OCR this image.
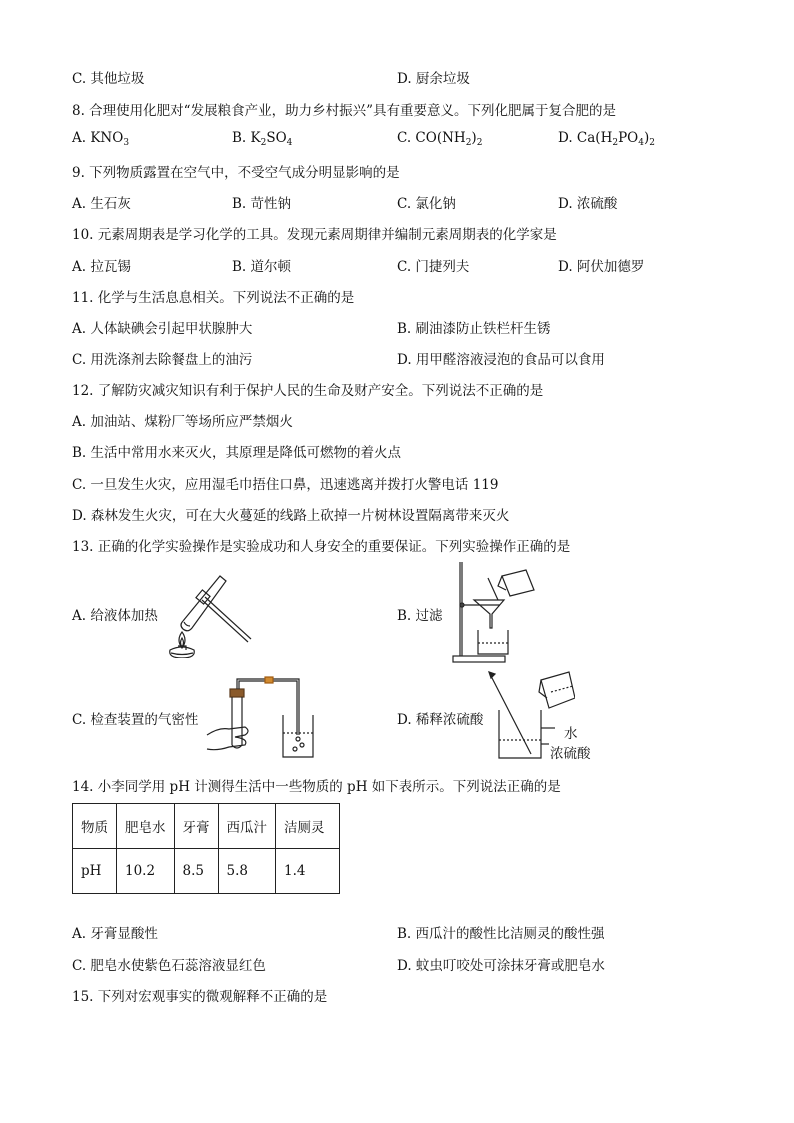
C. 其他垃圾	D. 厨余垃圾
8. 合理使用化肥对“发展粮食产业，助力乡村振兴”具有重要意义。下列化肥属于复合肥的是
A. $KNO_3$	B. $K_2SO_4$	C. $CO(NH_2)_2$	D. $Ca(H_2PO_4)_2$
9. 下列物质露置在空气中，不受空气成分明显影响的是
A. 生石灰	B. 苛性钠	C. 氯化钠	D. 浓硫酸
10. 元素周期表是学习化学的工具。发现元素周期律并编制元素周期表的化学家是
A. 拉瓦锡	B. 道尔顿	C. 门捷列夫	D. 阿伏加德罗
11. 化学与生活息息相关。下列说法不正确的是
A. 人体缺碘会引起甲状腺肿大	B. 刷油漆防止铁栏杆生锈
C. 用洗涤剂去除餐盘上的油污	D. 用甲醛溶液浸泡的食品可以食用
12. 了解防灾减灾知识有利于保护人民的生命及财产安全。下列说法不正确的是
A. 加油站、煤粉厂等场所应严禁烟火
B. 生活中常用水来灭火，其原理是降低可燃物的着火点
C. 一旦发生火灾，应用湿毛巾捂住口鼻，迅速逃离并拨打火警电话 119
D. 森林发生火灾，可在大火蔓延的线路上砍掉一片树林设置隔离带来灭火
13. 正确的化学实验操作是实验成功和人身安全的重要保证。下列实验操作正确的是
A. 给液体加热	B. 过滤
C. 检查装置的气密性	D. 稀释浓硫酸
水
浓硫酸
14. 小李同学用 pH 计测得生活中一些物质的 pH 如下表所示。下列说法正确的是
物质	肥皂水	牙膏	西瓜汁	洁厕灵
pH	10.2	8.5	5.8	1.4
A. 牙膏显酸性	B. 西瓜汁的酸性比洁厕灵的酸性强
C. 肥皂水使紫色石蕊溶液显红色	D. 蚊虫叮咬处可涂抹牙膏或肥皂水
15. 下列对宏观事实的微观解释不正确的是
